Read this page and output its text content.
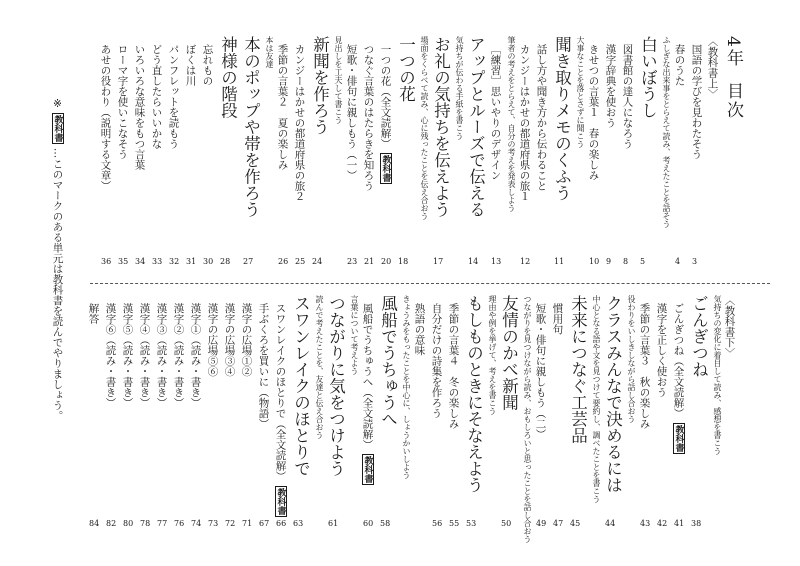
4年目次
〈教科書上〉
国語の学びを見わたそう
3
春のうた
4
ふしぎな出来事をとらえて読み、考えたことを話そう
白いぼうし
5
図書館の達人になろう
8
漢字辞典を使おう
9
きせつの言葉１　春の楽しみ
10
大事なことを落とさずに聞こう
聞き取りメモのくふう
11
話し方や聞き方から伝わること
カンジーはかせの都道府県の旅１
12
筆者の考えをとらえて、自分の考えを発表しよう
［練習］思いやりのデザイン
13
アップとルーズで伝える
14
気持ちが伝わる手紙を書こう
お礼の気持ちを伝えよう
17
場面をくらべて読み、心に残ったことを伝え合おう
一つの花
18
一つの花（全文読解）教科書
20
つなぐ言葉のはたらきを知ろう
21
短歌・俳句に親しもう（一）
23
見出しを工夫して書こう
新聞を作ろう
24
カンジーはかせの都道府県の旅２
25
季節の言葉２　夏の楽しみ
26
本は友達
本のポップや帯を作ろう
27
神様の階段
28
忘れもの
30
ぼくは川
31
パンフレットを読もう
32
どう直したらいいかな
33
いろいろな意味をもつ言葉
34
ローマ字を使いこなそう
35
あせの役わり（説明する文章）
36
〈教科書下〉
気持ちの変化に着目して読み、感想を書こう
ごんぎつね
38
ごんぎつね（全文読解）教科書
41
漢字を正しく使おう
42
季節の言葉３　秋の楽しみ
43
役わりをいしきしながら話し合おう
クラスみんなで決めるには
44
中心となる語や文を見つけて要約し、調べたことを書こう
未来につなぐ工芸品
45
慣用句
47
短歌・俳句に親しもう（二）
49
つながりを見つけながら読み、おもしろいと思ったことを話し合おう
友情のかべ新聞
50
理由や例を挙げて、考えを書こう
もしものときにそなえよう
53
季節の言葉４　冬の楽しみ
55
自分だけの詩集を作ろう
56
熟語の意味
きょうみをもったことを中心に、しょうかいしよう
風船でうちゅうへ
58
風船でうちゅうへ（全文読解）教科書
60
言葉について考えよう
つながりに気をつけよう
61
読んで考えたことを、友達と伝え合おう
スワンレイクのほとりで
63
スワンレイクのほとりで（全文読解）教科書
66
手ぶくろを買いに（物語）
67
漢字の広場①②
71
漢字の広場③④
72
漢字の広場⑤⑥
73
漢字①（読み・書き）
74
漢字②（読み・書き）
76
漢字③（読み・書き）
77
漢字④（読み・書き）
78
漢字⑤（読み・書き）
80
漢字⑥（読み・書き）
82
解答
84
※ 教科書 …このマークのある単元は教科書を読んでやりましょう。
